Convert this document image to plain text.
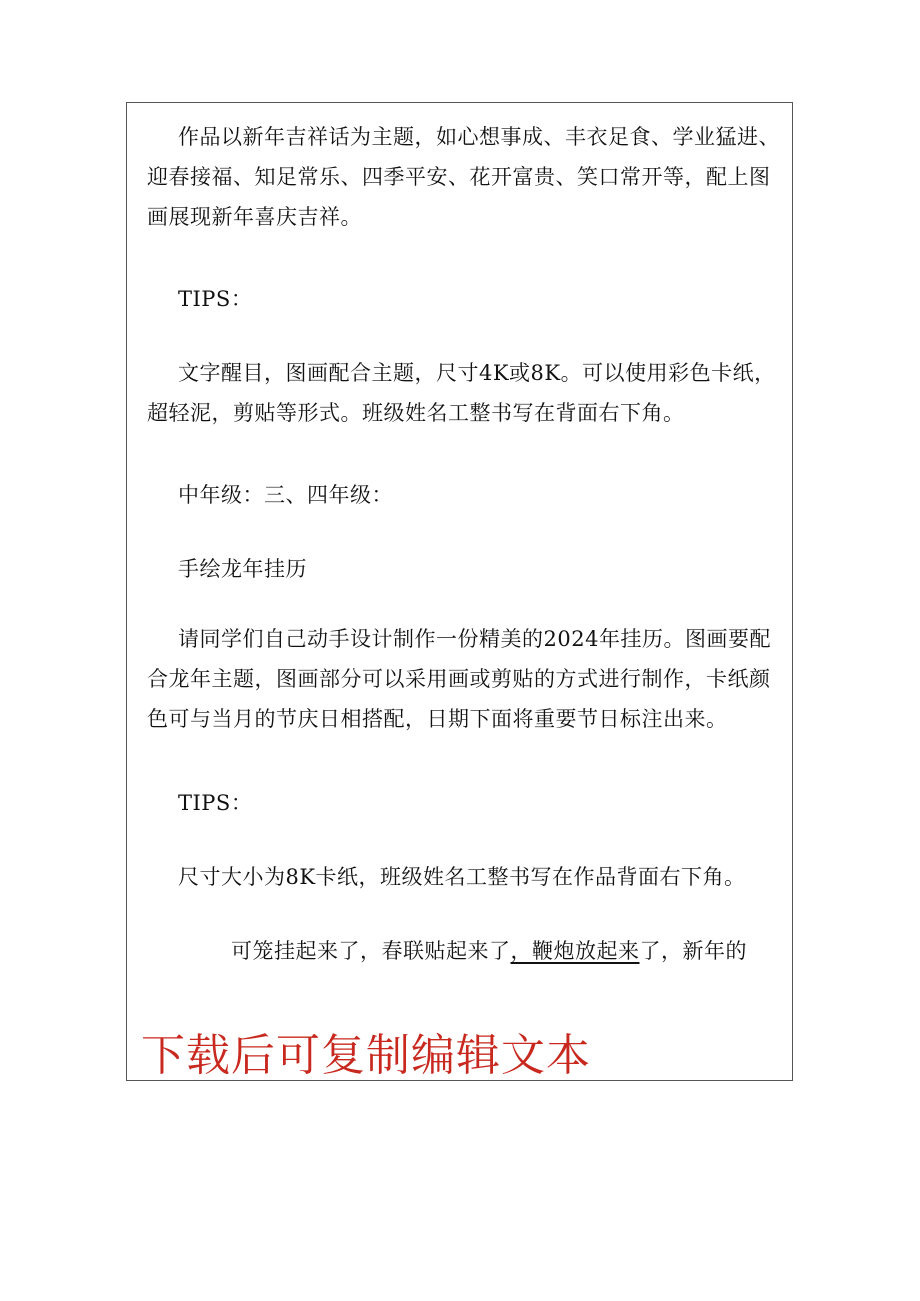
作品以新年吉祥话为主题，如心想事成、丰衣足食、学业猛进、迎春接福、知足常乐、四季平安、花开富贵、笑口常开等，配上图画展现新年喜庆吉祥。

TIPS：

文字醒目，图画配合主题，尺寸4K或8K。可以使用彩色卡纸，超轻泥，剪贴等形式。班级姓名工整书写在背面右下角。

中年级：三、四年级：

手绘龙年挂历

请同学们自己动手设计制作一份精美的2024年挂历。图画要配合龙年主题，图画部分可以采用画或剪贴的方式进行制作，卡纸颜色可与当月的节庆日相搭配，日期下面将重要节日标注出来。

TIPS：

尺寸大小为8K卡纸，班级姓名工整书写在作品背面右下角。

可笼挂起来了，春联贴起来了，鞭炮放起来了，新年的

下载后可复制编辑文本
